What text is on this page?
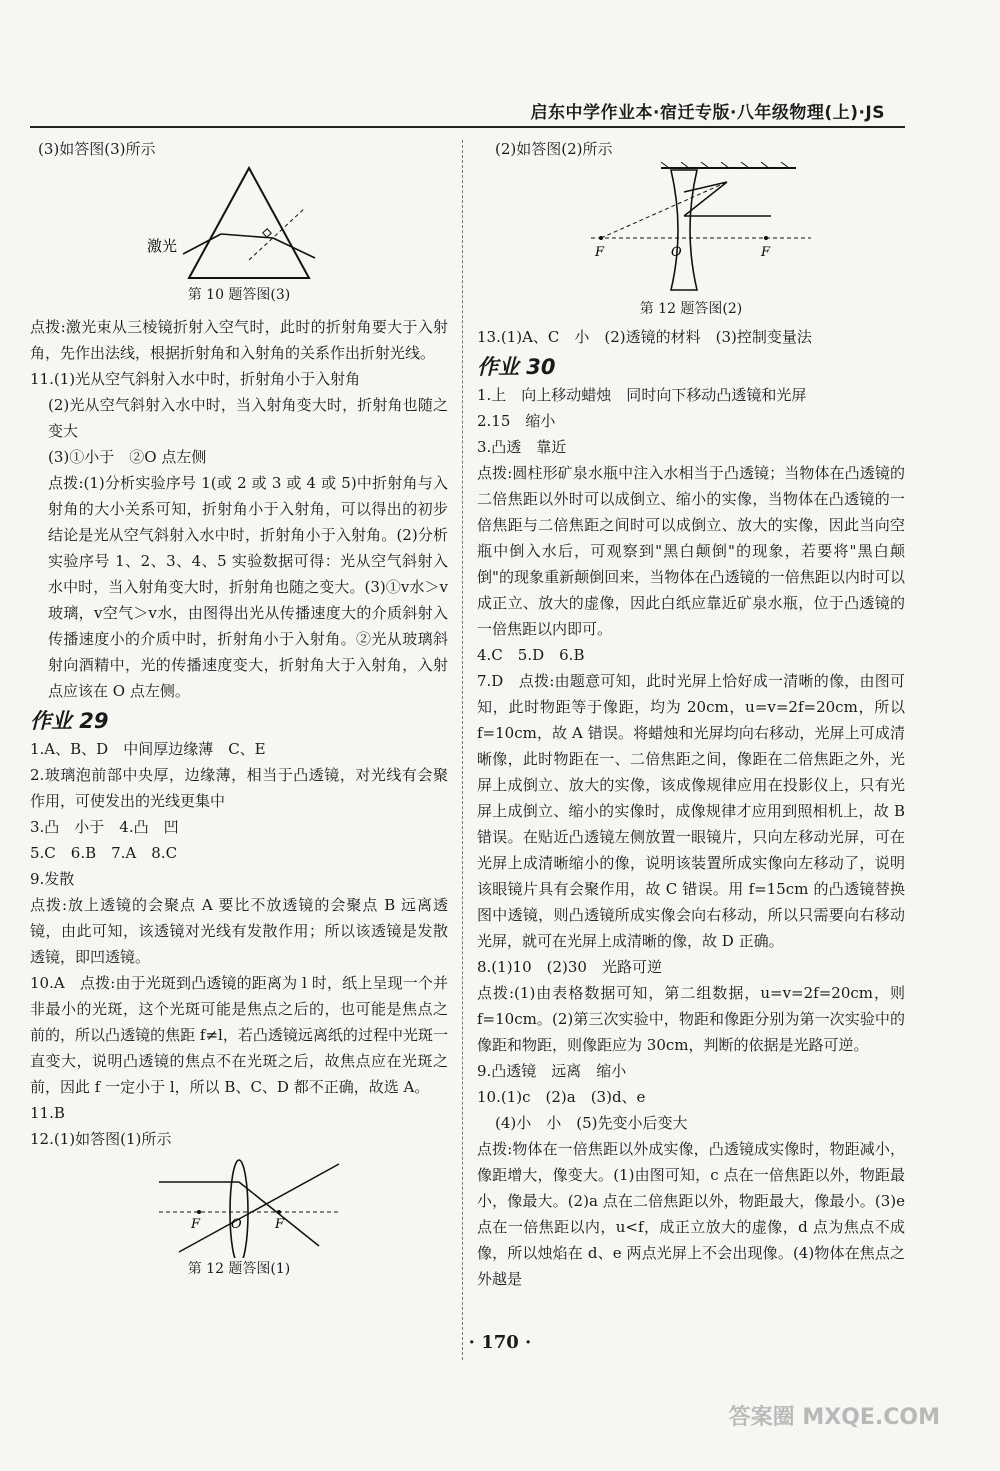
启东中学作业本·宿迁专版·八年级物理(上)·JS

(3)如答图(3)所示

激光
第 10 题答图(3)

点拨:激光束从三棱镜折射入空气时，此时的折射角要大于入射角，先作出法线，根据折射角和入射角的关系作出折射光线。

11.(1)光从空气斜射入水中时，折射角小于入射角

(2)光从空气斜射入水中时，当入射角变大时，折射角也随之变大

(3)①小于　②O 点左侧

点拨:(1)分析实验序号 1(或 2 或 3 或 4 或 5)中折射角与入射角的大小关系可知，折射角小于入射角，可以得出的初步结论是光从空气斜射入水中时，折射角小于入射角。(2)分析实验序号 1、2、3、4、5 实验数据可得：光从空气斜射入水中时，当入射角变大时，折射角也随之变大。(3)①v水＞v玻璃，v空气＞v水，由图得出光从传播速度大的介质斜射入传播速度小的介质中时，折射角小于入射角。②光从玻璃斜射向酒精中，光的传播速度变大，折射角大于入射角，入射点应该在 O 点左侧。

作业 29

1.A、B、D　中间厚边缘薄　C、E

2.玻璃泡前部中央厚，边缘薄，相当于凸透镜，对光线有会聚作用，可使发出的光线更集中

3.凸　小于　4.凸　凹

5.C　6.B　7.A　8.C

9.发散

点拨:放上透镜的会聚点 A 要比不放透镜的会聚点 B 远离透镜，由此可知，该透镜对光线有发散作用；所以该透镜是发散透镜，即凹透镜。

10.A　点拨:由于光斑到凸透镜的距离为 l 时，纸上呈现一个并非最小的光斑，这个光斑可能是焦点之后的，也可能是焦点之前的，所以凸透镜的焦距 f≠l，若凸透镜远离纸的过程中光斑一直变大，说明凸透镜的焦点不在光斑之后，故焦点应在光斑之前，因此 f 一定小于 l，所以 B、C、D 都不正确，故选 A。

11.B

12.(1)如答图(1)所示

F O	F
第 12 题答图(1)

(2)如答图(2)所示

F	O	F
第 12 题答图(2)

13.(1)A、C　小　(2)透镜的材料　(3)控制变量法

作业 30

1.上　向上移动蜡烛　同时向下移动凸透镜和光屏

2.15　缩小

3.凸透　靠近

点拨:圆柱形矿泉水瓶中注入水相当于凸透镜；当物体在凸透镜的二倍焦距以外时可以成倒立、缩小的实像，当物体在凸透镜的一倍焦距与二倍焦距之间时可以成倒立、放大的实像，因此当向空瓶中倒入水后，可观察到"黑白颠倒"的现象，若要将"黑白颠倒"的现象重新颠倒回来，当物体在凸透镜的一倍焦距以内时可以成正立、放大的虚像，因此白纸应靠近矿泉水瓶，位于凸透镜的一倍焦距以内即可。

4.C　5.D　6.B

7.D　点拨:由题意可知，此时光屏上恰好成一清晰的像，由图可知，此时物距等于像距，均为 20cm，u=v=2f=20cm，所以 f=10cm，故 A 错误。将蜡烛和光屏均向右移动，光屏上可成清晰像，此时物距在一、二倍焦距之间，像距在二倍焦距之外，光屏上成倒立、放大的实像，该成像规律应用在投影仪上，只有光屏上成倒立、缩小的实像时，成像规律才应用到照相机上，故 B 错误。在贴近凸透镜左侧放置一眼镜片，只向左移动光屏，可在光屏上成清晰缩小的像，说明该装置所成实像向左移动了，说明该眼镜片具有会聚作用，故 C 错误。用 f=15cm 的凸透镜替换图中透镜，则凸透镜所成实像会向右移动，所以只需要向右移动光屏，就可在光屏上成清晰的像，故 D 正确。

8.(1)10　(2)30　光路可逆

点拨:(1)由表格数据可知，第二组数据，u=v=2f=20cm，则 f=10cm。(2)第三次实验中，物距和像距分别为第一次实验中的像距和物距，则像距应为 30cm，判断的依据是光路可逆。

9.凸透镜　远离　缩小

10.(1)c　(2)a　(3)d、e

(4)小　小　(5)先变小后变大

点拨:物体在一倍焦距以外成实像，凸透镜成实像时，物距减小，像距增大，像变大。(1)由图可知，c 点在一倍焦距以外，物距最小，像最大。(2)a 点在二倍焦距以外，物距最大，像最小。(3)e 点在一倍焦距以内，u<f，成正立放大的虚像，d 点为焦点不成像，所以烛焰在 d、e 两点光屏上不会出现像。(4)物体在焦点之外越是

· 170 ·
答案圈 MXQE.COM
